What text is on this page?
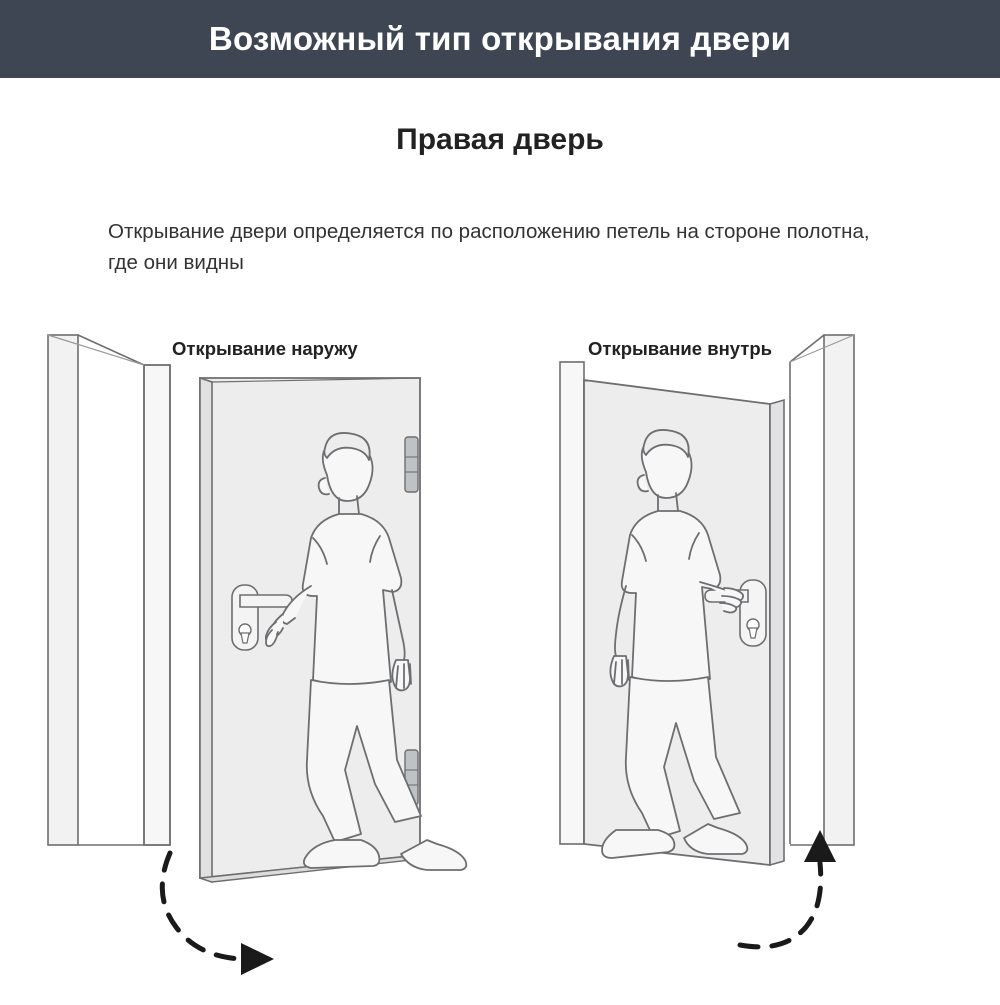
Возможный тип открывания двери
Правая дверь
Открывание двери определяется по расположению петель на стороне полотна, где они видны
Открывание наружу	Открывание внутрь
